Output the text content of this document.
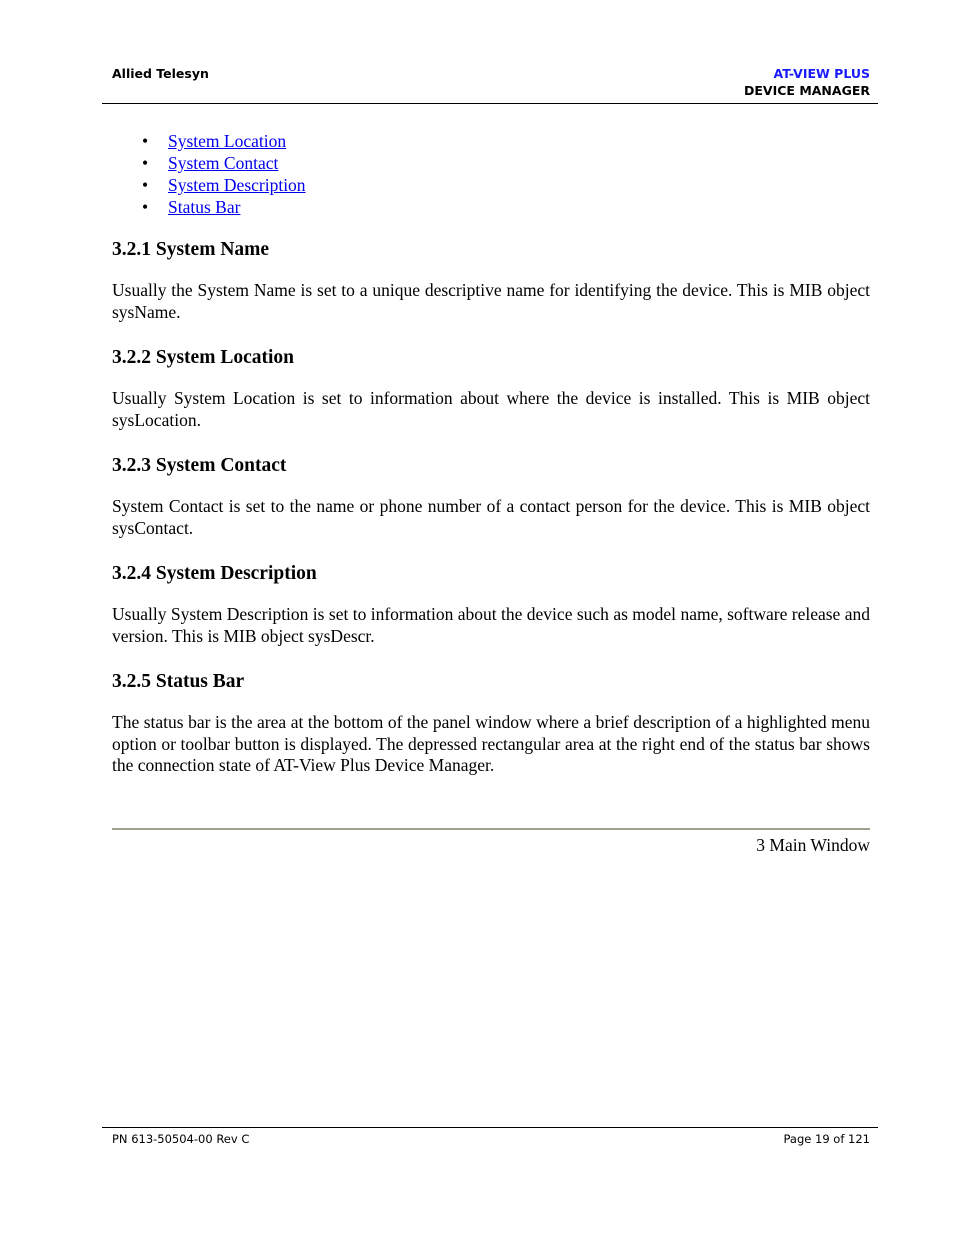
Allied Telesyn	AT-VIEW PLUS
DEVICE MANAGER
• System Location
• System Contact
• System Description
• Status Bar
3.2.1 System Name

Usually the System Name is set to a unique descriptive name for identifying the device. This is MIB object sysName.

3.2.2 System Location

Usually System Location is set to information about where the device is installed. This is MIB object sysLocation.

3.2.3 System Contact

System Contact is set to the name or phone number of a contact person for the device. This is MIB object sysContact.

3.2.4 System Description

Usually System Description is set to information about the device such as model name, software release and version. This is MIB object sysDescr.

3.2.5 Status Bar

The status bar is the area at the bottom of the panel window where a brief description of a highlighted menu option or toolbar button is displayed. The depressed rectangular area at the right end of the status bar shows the connection state of AT-View Plus Device Manager.

3 Main Window
PN 613-50504-00 Rev C	Page 19 of 121
